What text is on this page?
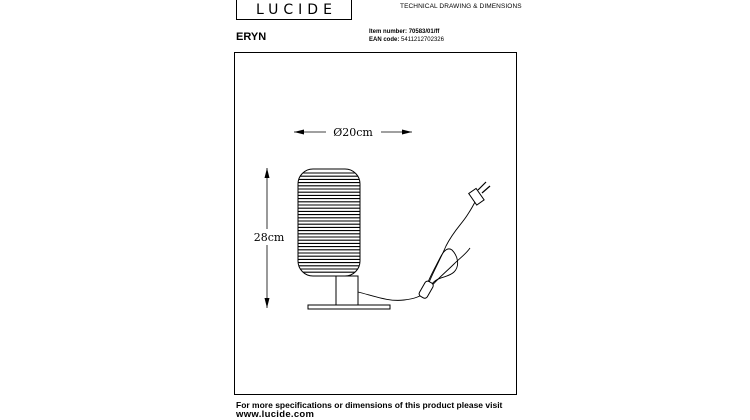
LUCIDE	TECHNICAL DRAWING & DIMENSIONS
ERYN	Item number: 70583/01/ff
EAN code: 5411212702326
Ø20cm
28cm
For more specifications or dimensions of this product please visit
www.lucide.com
